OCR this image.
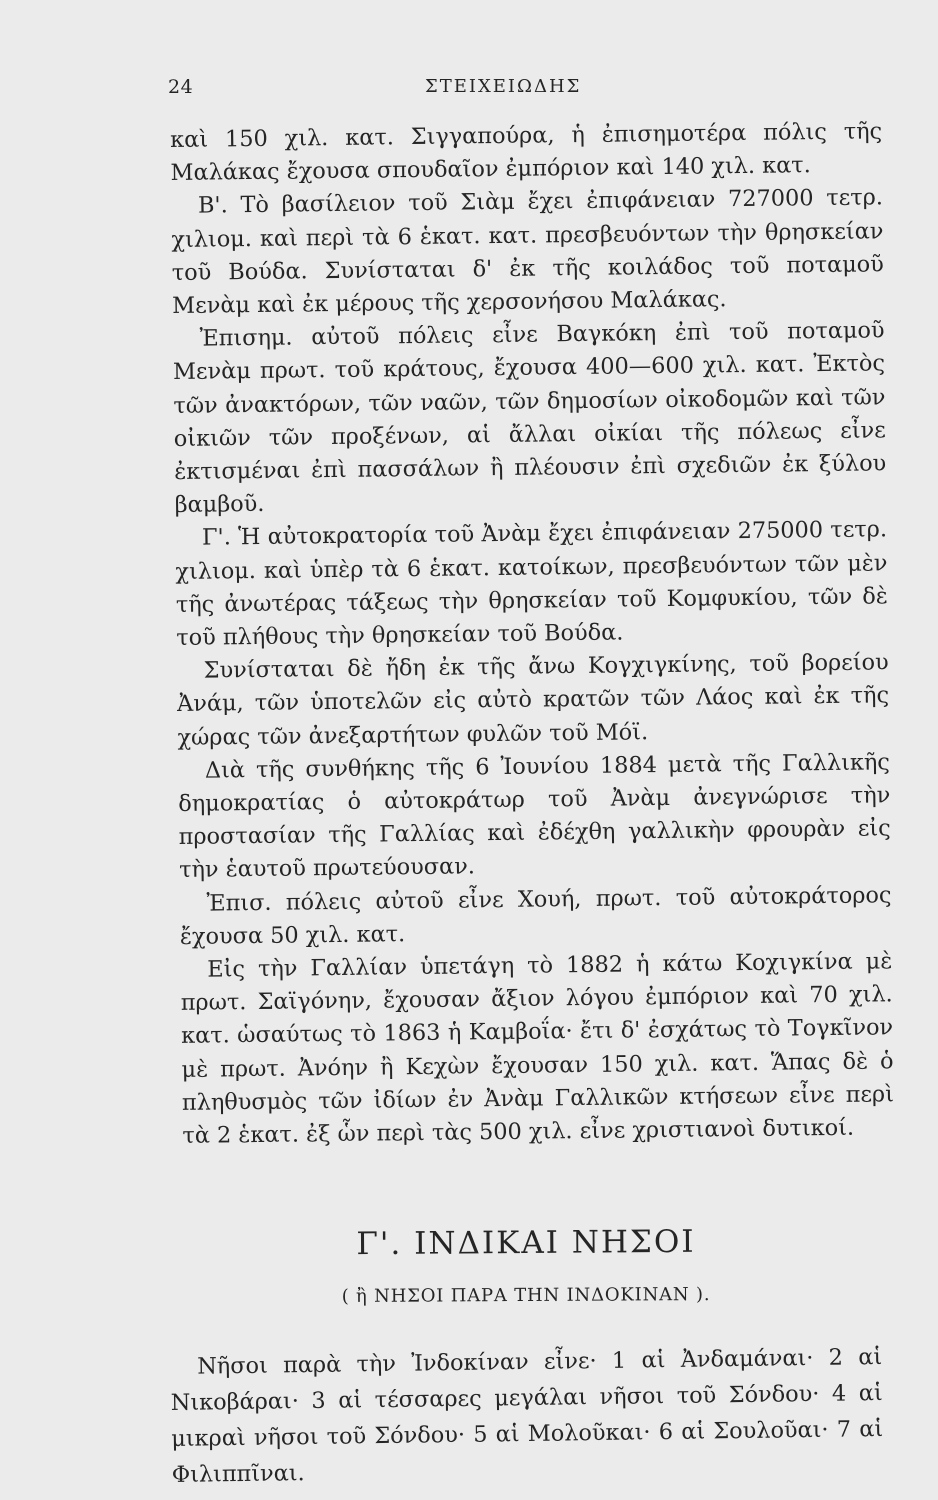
24	ΣΤΕΙΧΕΙΩΔΗΣ

καὶ 150 χιλ. κατ. Σιγγαπούρα, ἡ ἐπισημοτέρα πόλις τῆς Μαλάκας ἔχουσα σπουδαῖον ἐμπόριον καὶ 140 χιλ. κατ.

Β'. Τὸ βασίλειον τοῦ Σιὰμ ἔχει ἐπιφάνειαν 727000 τετρ. χιλιομ. καὶ περὶ τὰ 6 ἑκατ. κατ. πρεσβευόντων τὴν θρησκείαν τοῦ Βούδα. Συνίσταται δ' ἐκ τῆς κοιλάδος τοῦ ποταμοῦ Μενὰμ καὶ ἐκ μέρους τῆς χερσονήσου Μαλάκας.

Ἐπισημ. αὐτοῦ πόλεις εἶνε Βαγκόκη ἐπὶ τοῦ ποταμοῦ Μενὰμ πρωτ. τοῦ κράτους, ἔχουσα 400—600 χιλ. κατ. Ἐκτὸς τῶν ἀνακτόρων, τῶν ναῶν, τῶν δημοσίων οἰκοδομῶν καὶ τῶν οἰκιῶν τῶν προξένων, αἱ ἄλλαι οἰκίαι τῆς πόλεως εἶνε ἐκτισμέναι ἐπὶ πασσάλων ἢ πλέουσιν ἐπὶ σχεδιῶν ἐκ ξύλου βαμβοῦ.

Γ'. Ἡ αὐτοκρατορία τοῦ Ἀνὰμ ἔχει ἐπιφάνειαν 275000 τετρ. χιλιομ. καὶ ὑπὲρ τὰ 6 ἑκατ. κατοίκων, πρεσβευόντων τῶν μὲν τῆς ἀνωτέρας τάξεως τὴν θρησκείαν τοῦ Κομφυκίου, τῶν δὲ τοῦ πλήθους τὴν θρησκείαν τοῦ Βούδα.

Συνίσταται δὲ ἤδη ἐκ τῆς ἄνω Κογχιγκίνης, τοῦ βορείου Ἀνάμ, τῶν ὑποτελῶν εἰς αὐτὸ κρατῶν τῶν Λάος καὶ ἐκ τῆς χώρας τῶν ἀνεξαρτήτων φυλῶν τοῦ Μόϊ.

Διὰ τῆς συνθήκης τῆς 6 Ἰουνίου 1884 μετὰ τῆς Γαλλικῆς δημοκρατίας ὁ αὐτοκράτωρ τοῦ Ἀνὰμ ἀνεγνώρισε τὴν προστασίαν τῆς Γαλλίας καὶ ἐδέχθη γαλλικὴν φρουρὰν εἰς τὴν ἑαυτοῦ πρωτεύουσαν.

Ἐπισ. πόλεις αὐτοῦ εἶνε Χουή, πρωτ. τοῦ αὐτοκράτορος ἔχουσα 50 χιλ. κατ.

Εἰς τὴν Γαλλίαν ὑπετάγη τὸ 1882 ἡ κάτω Κοχιγκίνα μὲ πρωτ. Σαϊγόνην, ἔχουσαν ἄξιον λόγου ἐμπόριον καὶ 70 χιλ. κατ. ὡσαύτως τὸ 1863 ἡ Καμβοΐα· ἔτι δ' ἐσχάτως τὸ Τογκῖνον μὲ πρωτ. Ἀνόην ἢ Κεχὼν ἔχουσαν 150 χιλ. κατ. Ἅπας δὲ ὁ πληθυσμὸς τῶν ἰδίων ἐν Ἀνὰμ Γαλλικῶν κτήσεων εἶνε περὶ τὰ 2 ἑκατ. ἐξ ὧν περὶ τὰς 500 χιλ. εἶνε χριστιανοὶ δυτικοί.

Γ'. ΙΝΔΙΚΑΙ ΝΗΣΟΙ
( ἢ ΝΗΣΟΙ ΠΑΡΑ ΤΗΝ ΙΝΔΟΚΙΝΑΝ ).

Νῆσοι παρὰ τὴν Ἰνδοκίναν εἶνε· 1 αἱ Ἀνδαμάναι· 2 αἱ Νικοβάραι· 3 αἱ τέσσαρες μεγάλαι νῆσοι τοῦ Σόνδου· 4 αἱ μικραὶ νῆσοι τοῦ Σόνδου· 5 αἱ Μολοῦκαι· 6 αἱ Σουλοῦαι· 7 αἱ Φιλιππῖναι.
